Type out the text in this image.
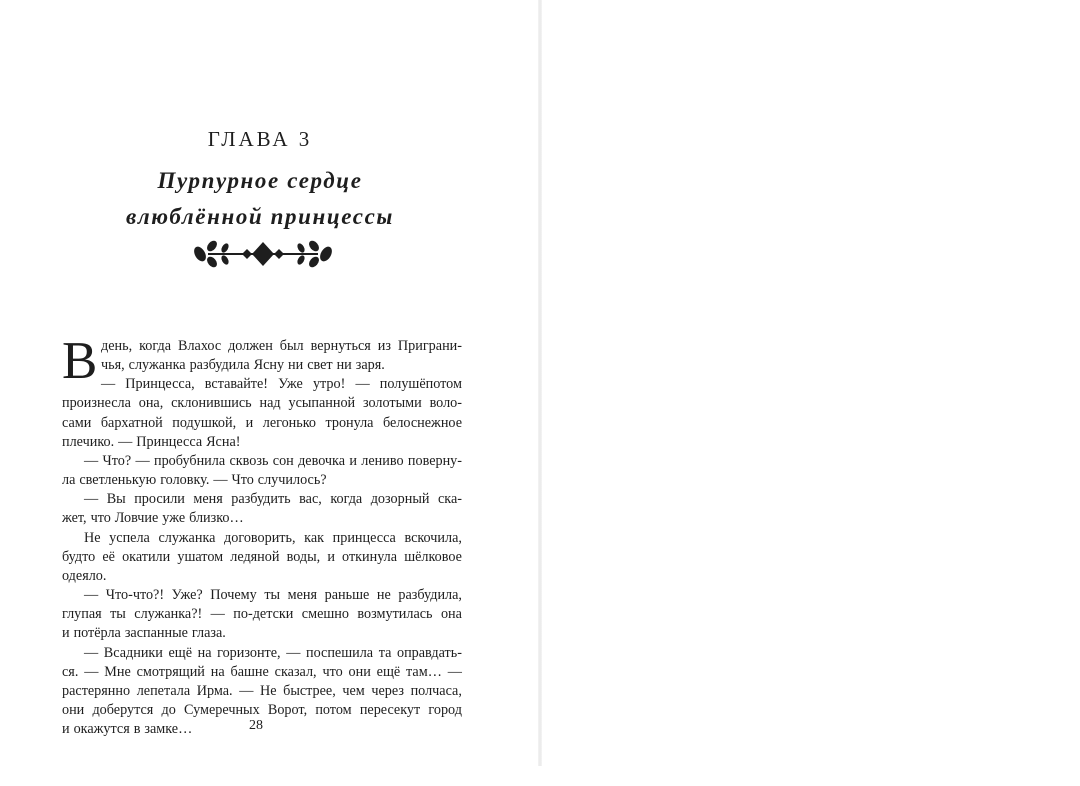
ГЛАВА 3
Пурпурное сердце
влюблённой принцессы
В день, когда Влахос должен был вернуться из Приграни-
чья, служанка разбудила Ясну ни свет ни заря.
— Принцесса, вставайте! Уже утро! — полушёпотом
произнесла она, склонившись над усыпанной золотыми воло-
сами бархатной подушкой, и легонько тронула белоснежное
плечико. — Принцесса Ясна!
— Что? — пробубнила сквозь сон девочка и лениво поверну-
ла светленькую головку. — Что случилось?
— Вы просили меня разбудить вас, когда дозорный ска-
жет, что Ловчие уже близко…
Не успела служанка договорить, как принцесса вскочила,
будто её окатили ушатом ледяной воды, и откинула шёлковое
одеяло.
— Что-что?! Уже? Почему ты меня раньше не разбудила,
глупая ты служанка?! — по-детски смешно возмутилась она
и потёрла заспанные глаза.
— Всадники ещё на горизонте, — поспешила та оправдать-
ся. — Мне смотрящий на башне сказал, что они ещё там… —
растерянно лепетала Ирма. — Не быстрее, чем через полчаса,
они доберутся до Сумеречных Ворот, потом пересекут город
и окажутся в замке…	28
